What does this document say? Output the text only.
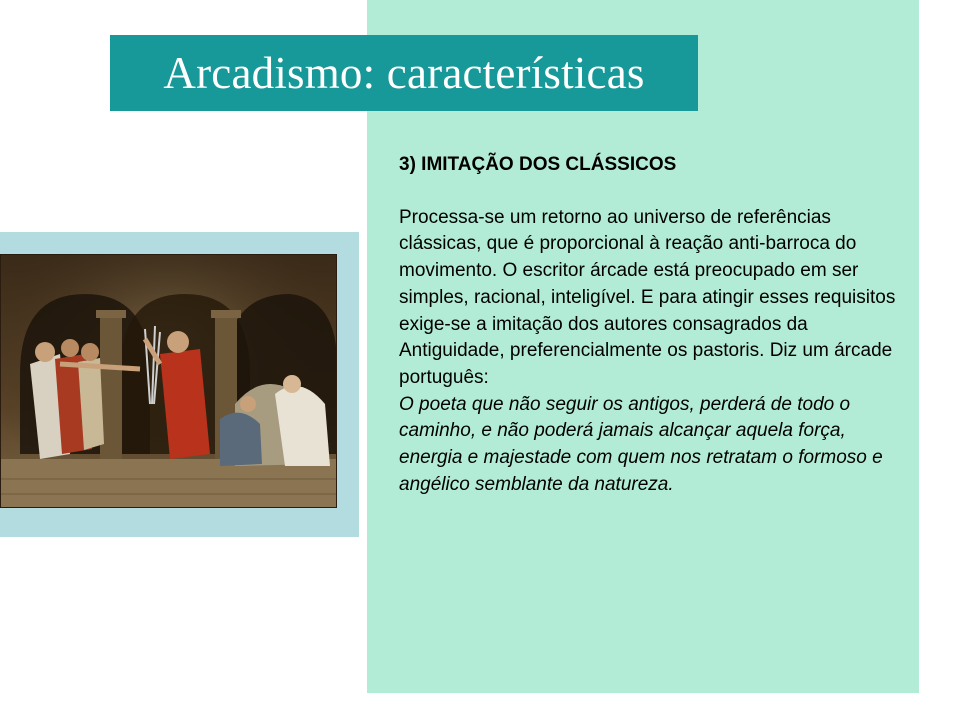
Arcadismo: características

3) IMITAÇÃO DOS CLÁSSICOS

Processa-se um retorno ao universo de referências clássicas, que é proporcional à reação anti-barroca do movimento. O escritor árcade está preocupado em ser simples, racional, inteligível. E para atingir esses requisitos exige-se a imitação dos autores consagrados da Antiguidade, preferencialmente os pastoris. Diz um árcade português:

O poeta que não seguir os antigos, perderá de todo o caminho, e não poderá jamais alcançar aquela força, energia e majestade com quem nos retratam o formoso e angélico semblante da natureza.
